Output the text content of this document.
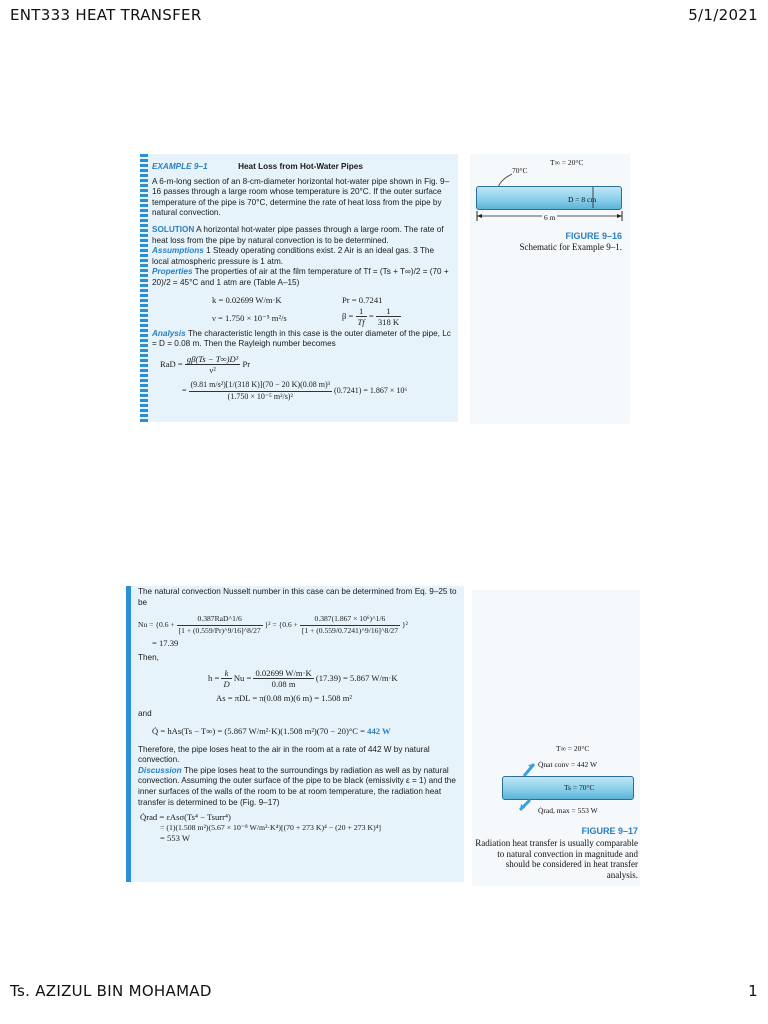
ENT333 HEAT TRANSFER	5/1/2021
EXAMPLE 9–1	Heat Loss from Hot-Water Pipes
A 6-m-long section of an 8-cm-diameter horizontal hot-water pipe shown in Fig. 9–16 passes through a large room whose temperature is 20°C. If the outer surface temperature of the pipe is 70°C, determine the rate of heat loss from the pipe by natural convection.
SOLUTION A horizontal hot-water pipe passes through a large room. The rate of heat loss from the pipe by natural convection is to be determined.
Assumptions 1 Steady operating conditions exist. 2 Air is an ideal gas. 3 The local atmospheric pressure is 1 atm.
Properties The properties of air at the film temperature of Tf = (Ts + T∞)/2 = (70 + 20)/2 = 45°C and 1 atm are (Table A–15)
k = 0.02699 W/m·K	Pr = 0.7241
ν = 1.750 × 10⁻⁵ m²/s	$\beta = \frac{1}{Tf} = \frac{1}{318 K}$
Analysis The characteristic length in this case is the outer diameter of the pipe, Lc = D = 0.08 m. Then the Rayleigh number becomes
RaD = $\frac{\text{gβ(Ts − T∞)D³}}{\text{ν²}}$ Pr
= $\frac{\text{(9.81 m/s²)[1/(318 K)](70 − 20 K)(0.08 m)³}}{\text{(1.750 × 10⁻⁵ m²/s)²}} (0.7241) = 1.867 \times 10^6$
T∞ = 20°C
70°C
D = 8 cm
6 m
FIGURE 9–16
Schematic for Example 9–1.
The natural convection Nusselt number in this case can be determined from Eq. 9–25 to be
$Nu = \{0.6 + \frac{\text{0.387RaD\textasciicircum{}1/6}}{[1 + (0.559/Pr)\^{}9/16]\^{}8/27} \}^2 = \{0.6 + \frac{\text{0.387(1.867 × 10⁶)\textasciicircum{}1/6}}{[1 + (0.559/0.7241)\^{}9/16]\^{}8/27} \}^2$
= 17.39
Then,
$h = \frac{k}{D}$ $Nu = \frac{0.02699 W/m\cdot K}{0.08 m} (17.39) = 5.867$ W/m·K
As = πDL = π(0.08 m)(6 m) = 1.508 m²
and
Q̇ = hAs(Ts − T∞) = (5.867 W/m²·K)(1.508 m²)(70 − 20)°C = 442 W
Therefore, the pipe loses heat to the air in the room at a rate of 442 W by natural convection.
Discussion The pipe loses heat to the surroundings by radiation as well as by natural convection. Assuming the outer surface of the pipe to be black (emissivity ε = 1) and the inner surfaces of the walls of the room to be at room temperature, the radiation heat transfer is determined to be (Fig. 9–17)
Q̇rad = εAsσ(Ts⁴ − Tsurr⁴)
= (1)(1.508 m²)(5.67 × 10⁻⁸ W/m²·K⁴)[(70 + 273 K)⁴ − (20 + 273 K)⁴]
= 553 W
T∞ = 20°C
Q̇nat conv = 442 W
Ts = 70°C
Q̇rad, max = 553 W
FIGURE 9–17
Radiation heat transfer is usually comparable to natural convection in magnitude and should be considered in heat transfer analysis.
Ts. AZIZUL BIN MOHAMAD	1
